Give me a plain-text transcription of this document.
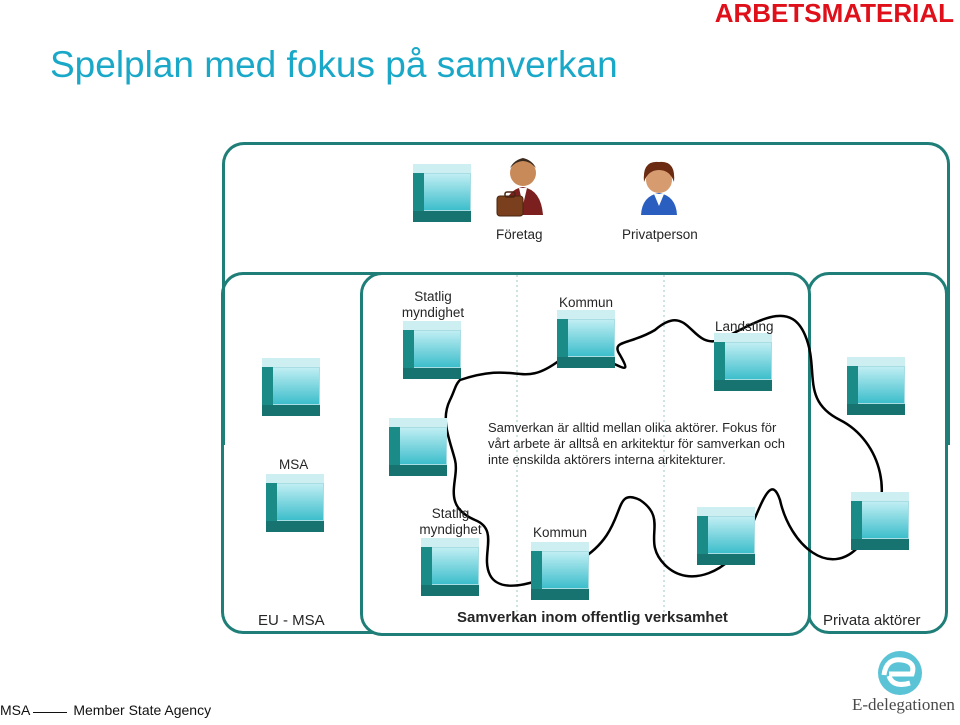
ARBETSMATERIAL
Spelplan med fokus på samverkan
Företag	Privatperson
Statlig
myndighet
Kommun
Landsting
MSA
Samverkan är alltid mellan olika aktörer. Fokus för vårt arbete är alltså en arkitektur för samverkan och inte enskilda aktörers interna arkitekturer.
Statlig
myndighet	Kommun
EU - MSA	Samverkan inom offentlig verksamhet	Privata aktörer
E-delegationen
MSA	Member State Agency
